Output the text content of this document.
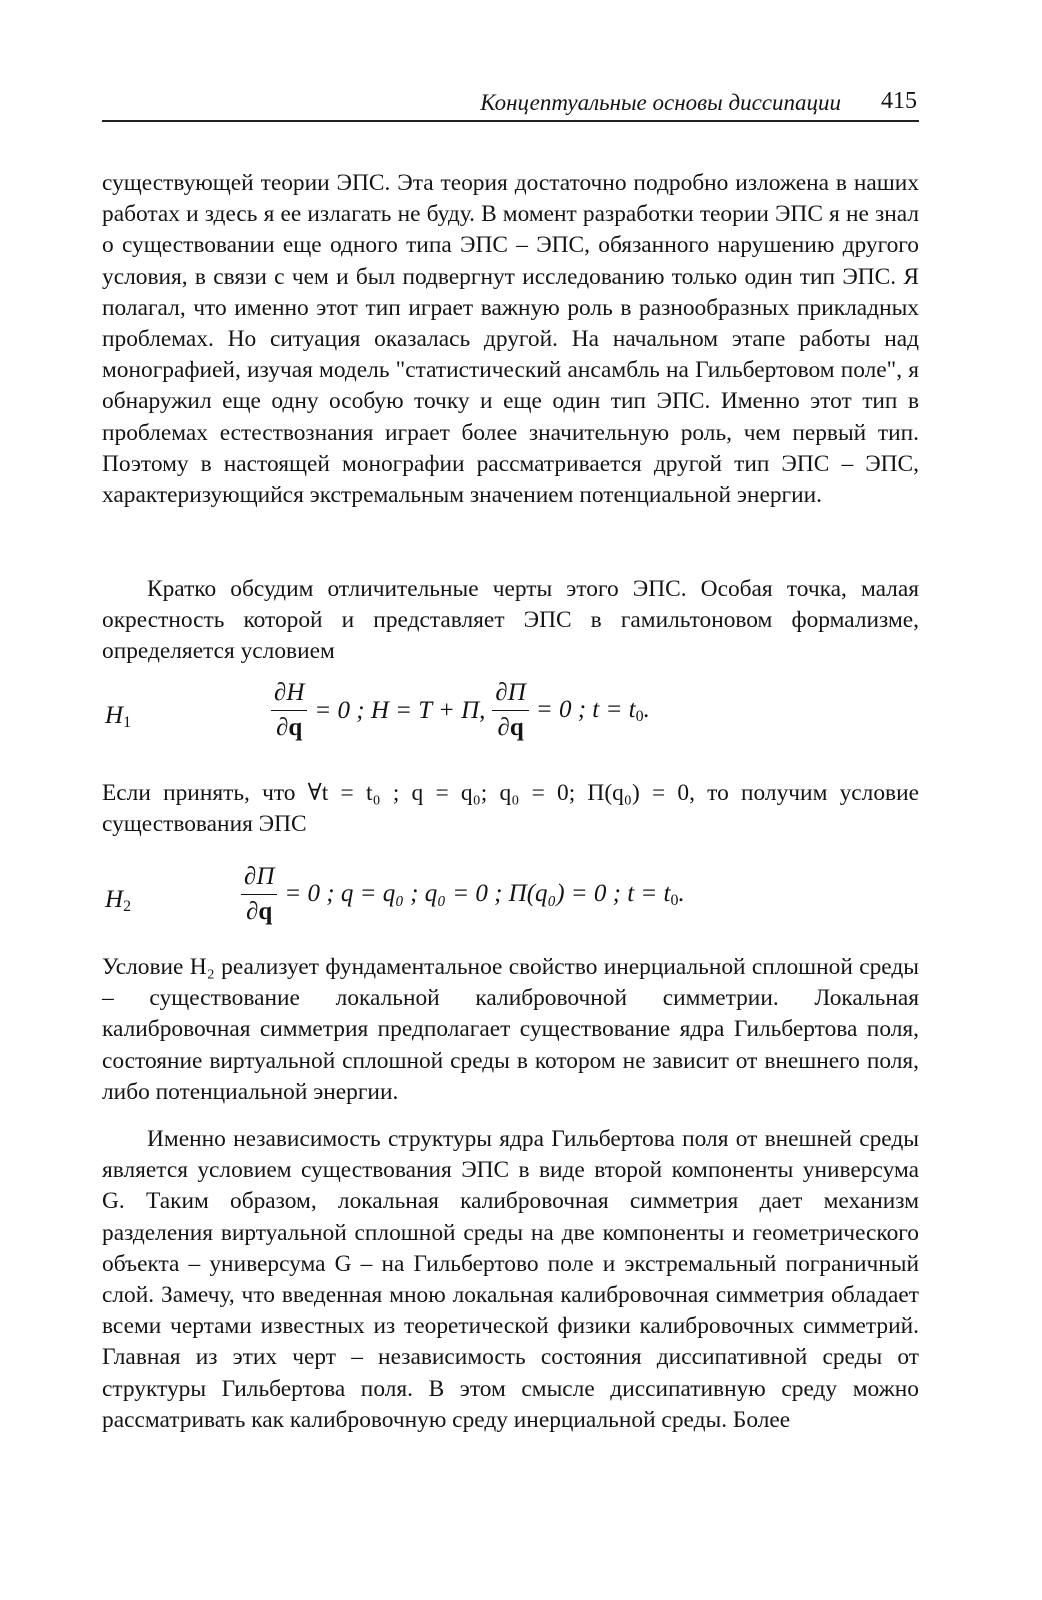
Концептуальные основы диссипации 415

существующей теории ЭПС. Эта теория достаточно подробно изложена в наших работах и здесь я ее излагать не буду. В момент разработки теории ЭПС я не знал о существовании еще одного типа ЭПС – ЭПС, обязанного нарушению другого условия, в связи с чем и был подвергнут исследованию только один тип ЭПС. Я полагал, что именно этот тип играет важную роль в разнообразных прикладных проблемах. Но ситуация оказалась другой. На начальном этапе работы над монографией, изучая модель "статистический ансамбль на Гильбертовом поле", я обнаружил еще одну особую точку и еще один тип ЭПС. Именно этот тип в проблемах естествознания играет более значительную роль, чем первый тип. Поэтому в настоящей монографии рассматривается другой тип ЭПС – ЭПС, характеризующийся экстремальным значением потенциальной энергии.

Кратко обсудим отличительные черты этого ЭПС. Особая точка, малая окрестность которой и представляет ЭПС в гамильтоновом формализме, определяется условием

$H_1$	$\frac{\partial H}{\partial q} = 0$ ; H = T + П, $\frac{\partial П}{\partial q} = 0$ ; $t = t_0$.

Если принять, что ∀t = t₀ ; q = q₀; q₀ = 0; П(q₀) = 0, то получим условие существования ЭПС

$H_2$	$\frac{\partial П}{\partial q} = 0$ ; q = q₀ ; q₀ = 0 ; П(q₀) = 0 ; $t = t_0$.

Условие H₂ реализует фундаментальное свойство инерциальной сплошной среды – существование локальной калибровочной симметрии. Локальная калибровочная симметрия предполагает существование ядра Гильбертова поля, состояние виртуальной сплошной среды в котором не зависит от внешнего поля, либо потенциальной энергии.

Именно независимость структуры ядра Гильбертова поля от внешней среды является условием существования ЭПС в виде второй компоненты универсума G. Таким образом, локальная калибровочная симметрия дает механизм разделения виртуальной сплошной среды на две компоненты и геометрического объекта – универсума G – на Гильбертово поле и экстремальный пограничный слой. Замечу, что введенная мною локальная калибровочная симметрия обладает всеми чертами известных из теоретической физики калибровочных симметрий. Главная из этих черт – независимость состояния диссипативной среды от структуры Гильбертова поля. В этом смысле диссипативную среду можно рассматривать как калибровочную среду инерциальной среды. Более
